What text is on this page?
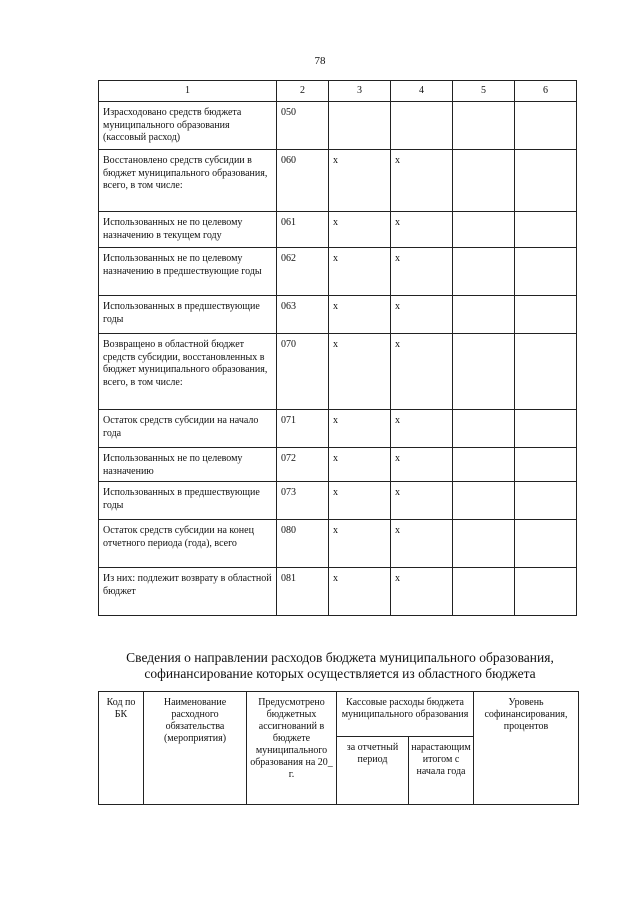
78
1	2	3	4	5	6
Израсходовано средств бюджета муниципального образования (кассовый расход)	050				
Восстановлено средств субсидии в бюджет муниципального образования, всего, в том числе:	060	x	x		
Использованных не по целевому назначению в текущем году	061	x	x		
Использованных не по целевому назначению в предшествующие годы	062	x	x		
Использованных в предшествующие годы	063	x	x		
Возвращено в областной бюджет средств субсидии, восстановленных в бюджет муниципального образования, всего, в том числе:	070	x	x		
Остаток средств субсидии на начало года	071	x	x		
Использованных не по целевому назначению	072	x	x		
Использованных в предшествующие годы	073	x	x		
Остаток средств субсидии на конец отчетного периода (года), всего	080	x	x		
Из них: подлежит возврату в областной бюджет	081	x	x		
Сведения о направлении расходов бюджета муниципального образования,
софинансирование которых осуществляется из областного бюджета
Код по БК	Наименование расходного обязательства (мероприятия)	Предусмотрено бюджетных ассигнований в бюджете муниципального образования на 20_ г.	Кассовые расходы бюджета муниципального образования		Уровень софинансирования, процентов
			за отчетный период	нарастающим итогом с начала года	
